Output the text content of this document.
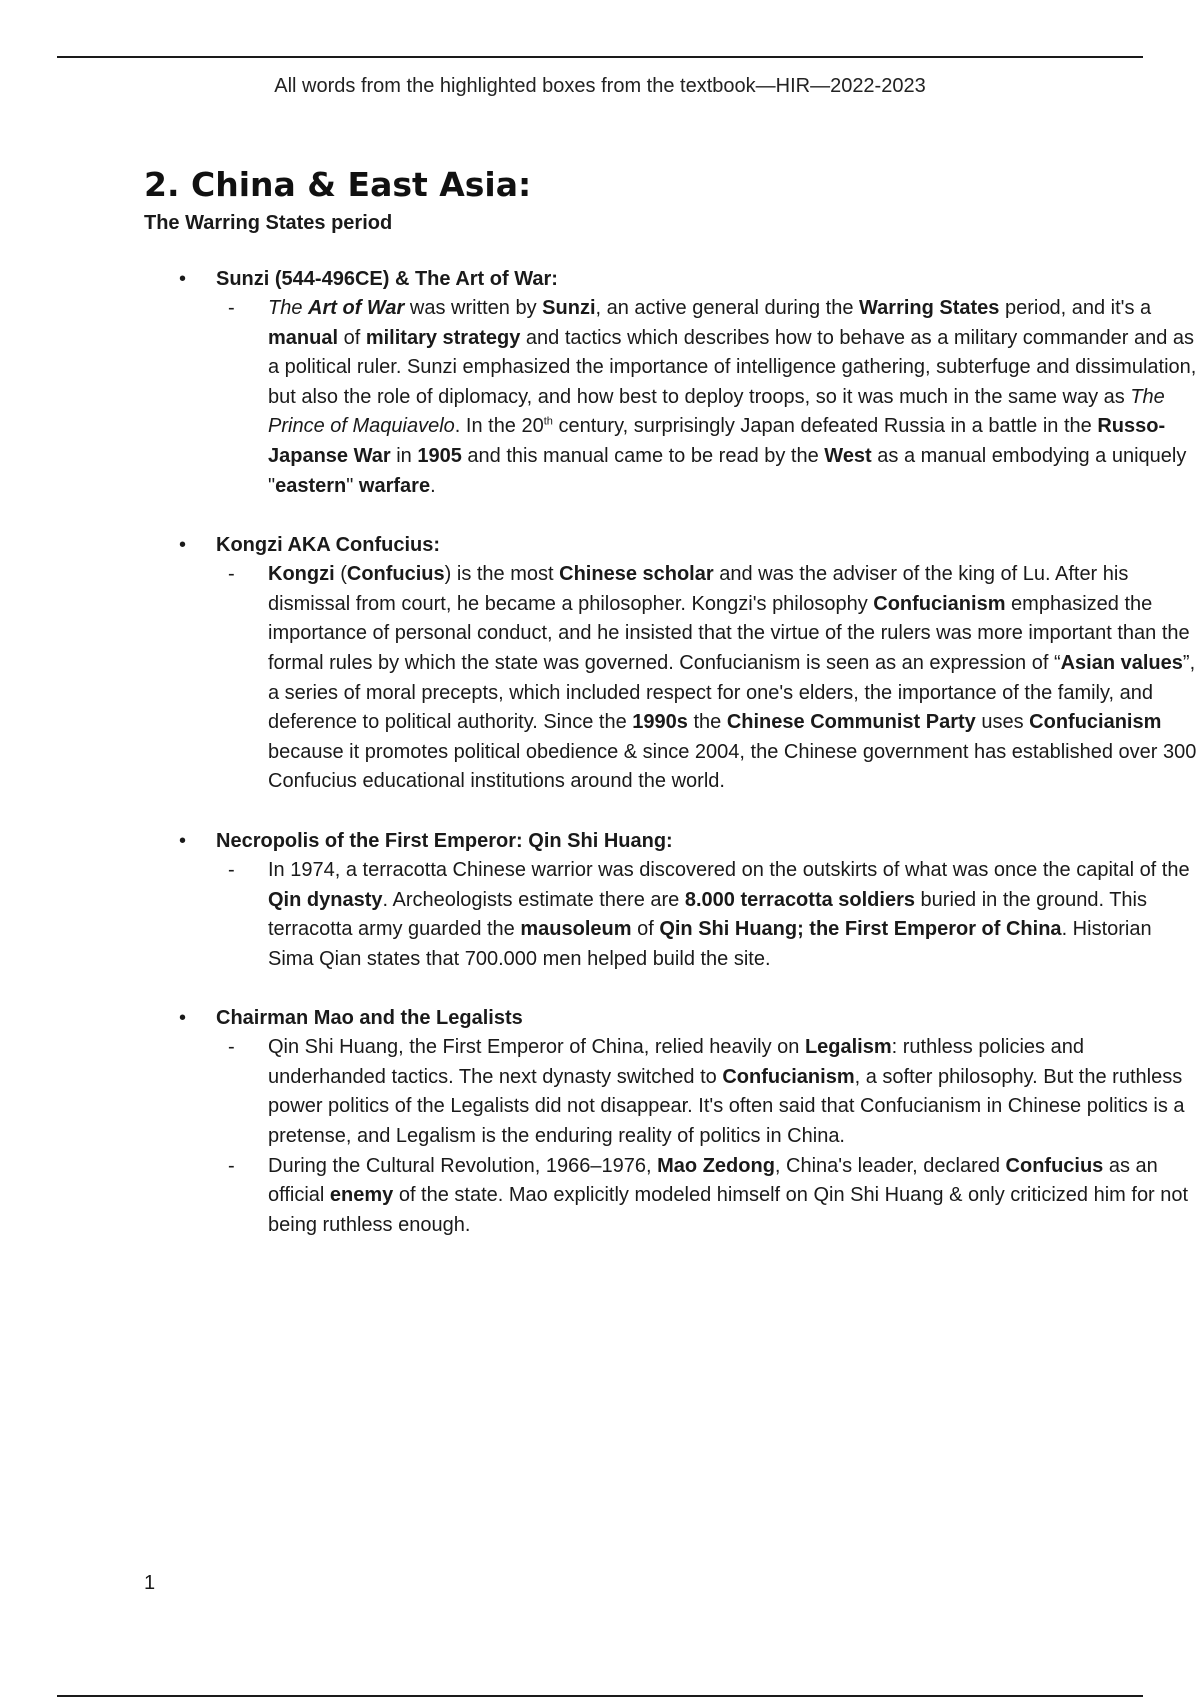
All words from the highlighted boxes from the textbook—HIR—2022-2023
2. China & East Asia:
The Warring States period
• Sunzi (544-496CE) & The Art of War:
- The Art of War was written by Sunzi, an active general during the Warring States period, and it's a manual of military strategy and tactics which describes how to behave as a military commander and as a political ruler. Sunzi emphasized the importance of intelligence gathering, subterfuge and dissimulation, but also the role of diplomacy, and how best to deploy troops, so it was much in the same way as The Prince of Maquiavelo. In the 20th century, surprisingly Japan defeated Russia in a battle in the Russo-Japanse War in 1905 and this manual came to be read by the West as a manual embodying a uniquely "eastern" warfare.
• Kongzi AKA Confucius:
- Kongzi (Confucius) is the most Chinese scholar and was the adviser of the king of Lu. After his dismissal from court, he became a philosopher. Kongzi's philosophy Confucianism emphasized the importance of personal conduct, and he insisted that the virtue of the rulers was more important than the formal rules by which the state was governed. Confucianism is seen as an expression of “Asian values”, a series of moral precepts, which included respect for one's elders, the importance of the family, and deference to political authority. Since the 1990s the Chinese Communist Party uses Confucianism because it promotes political obedience & since 2004, the Chinese government has established over 300 Confucius educational institutions around the world.
• Necropolis of the First Emperor: Qin Shi Huang:
- In 1974, a terracotta Chinese warrior was discovered on the outskirts of what was once the capital of the Qin dynasty. Archeologists estimate there are 8.000 terracotta soldiers buried in the ground. This terracotta army guarded the mausoleum of Qin Shi Huang; the First Emperor of China. Historian Sima Qian states that 700.000 men helped build the site.
• Chairman Mao and the Legalists
- Qin Shi Huang, the First Emperor of China, relied heavily on Legalism: ruthless policies and underhanded tactics. The next dynasty switched to Confucianism, a softer philosophy. But the ruthless power politics of the Legalists did not disappear. It's often said that Confucianism in Chinese politics is a pretense, and Legalism is the enduring reality of politics in China.
- During the Cultural Revolution, 1966–1976, Mao Zedong, China's leader, declared Confucius as an official enemy of the state. Mao explicitly modeled himself on Qin Shi Huang & only criticized him for not being ruthless enough.
1
